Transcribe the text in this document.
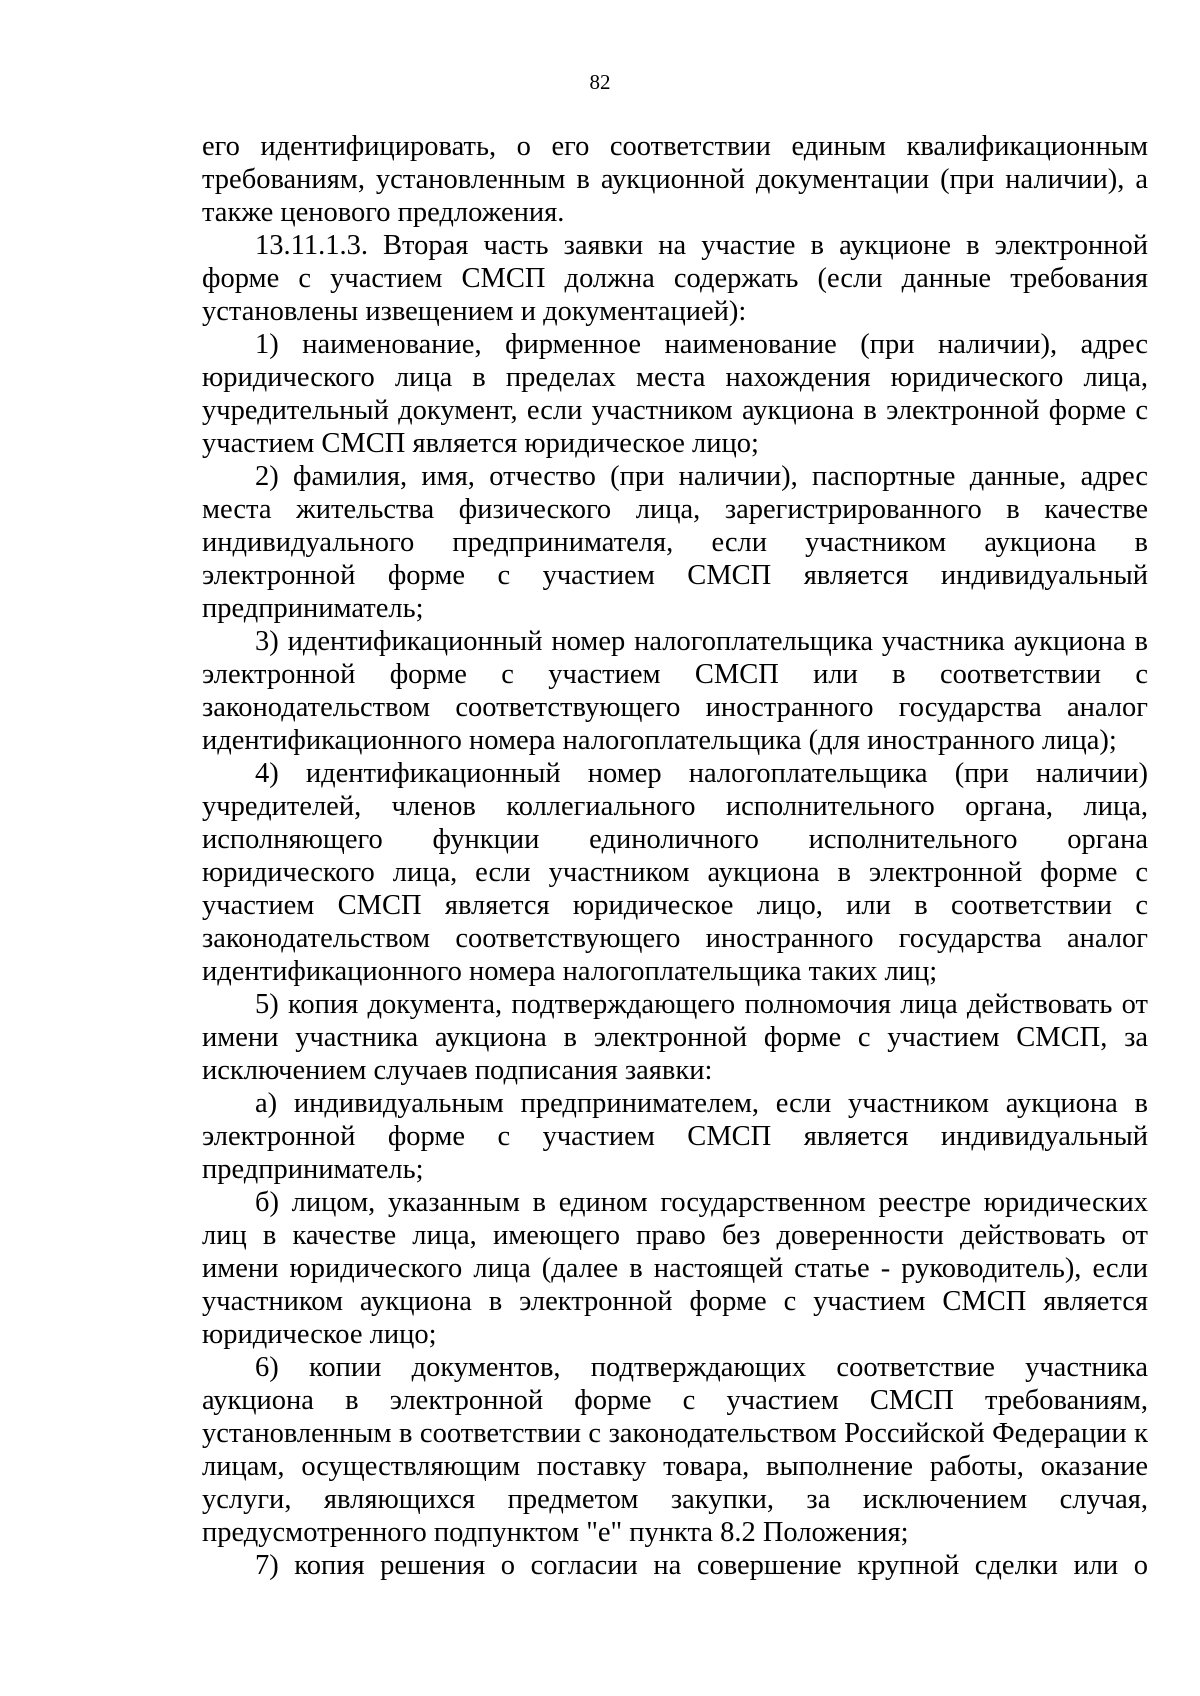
82

его идентифицировать, о его соответствии единым квалификационным требованиям, установленным в аукционной документации (при наличии), а также ценового предложения.

13.11.1.3. Вторая часть заявки на участие в аукционе в электронной форме с участием СМСП должна содержать (если данные требования установлены извещением и документацией):

1) наименование, фирменное наименование (при наличии), адрес юридического лица в пределах места нахождения юридического лица, учредительный документ, если участником аукциона в электронной форме с участием СМСП является юридическое лицо;

2) фамилия, имя, отчество (при наличии), паспортные данные, адрес места жительства физического лица, зарегистрированного в качестве индивидуального предпринимателя, если участником аукциона в электронной форме с участием СМСП является индивидуальный предприниматель;

3) идентификационный номер налогоплательщика участника аукциона в электронной форме с участием СМСП или в соответствии с законодательством соответствующего иностранного государства аналог идентификационного номера налогоплательщика (для иностранного лица);

4) идентификационный номер налогоплательщика (при наличии) учредителей, членов коллегиального исполнительного органа, лица, исполняющего функции единоличного исполнительного органа юридического лица, если участником аукциона в электронной форме с участием СМСП является юридическое лицо, или в соответствии с законодательством соответствующего иностранного государства аналог идентификационного номера налогоплательщика таких лиц;

5) копия документа, подтверждающего полномочия лица действовать от имени участника аукциона в электронной форме с участием СМСП, за исключением случаев подписания заявки:

а) индивидуальным предпринимателем, если участником аукциона в электронной форме с участием СМСП является индивидуальный предприниматель;

б) лицом, указанным в едином государственном реестре юридических лиц в качестве лица, имеющего право без доверенности действовать от имени юридического лица (далее в настоящей статье - руководитель), если участником аукциона в электронной форме с участием СМСП является юридическое лицо;

6) копии документов, подтверждающих соответствие участника аукциона в электронной форме с участием СМСП требованиям, установленным в соответствии с законодательством Российской Федерации к лицам, осуществляющим поставку товара, выполнение работы, оказание услуги, являющихся предметом закупки, за исключением случая, предусмотренного подпунктом "е" пункта 8.2 Положения;

7) копия решения о согласии на совершение крупной сделки или о
